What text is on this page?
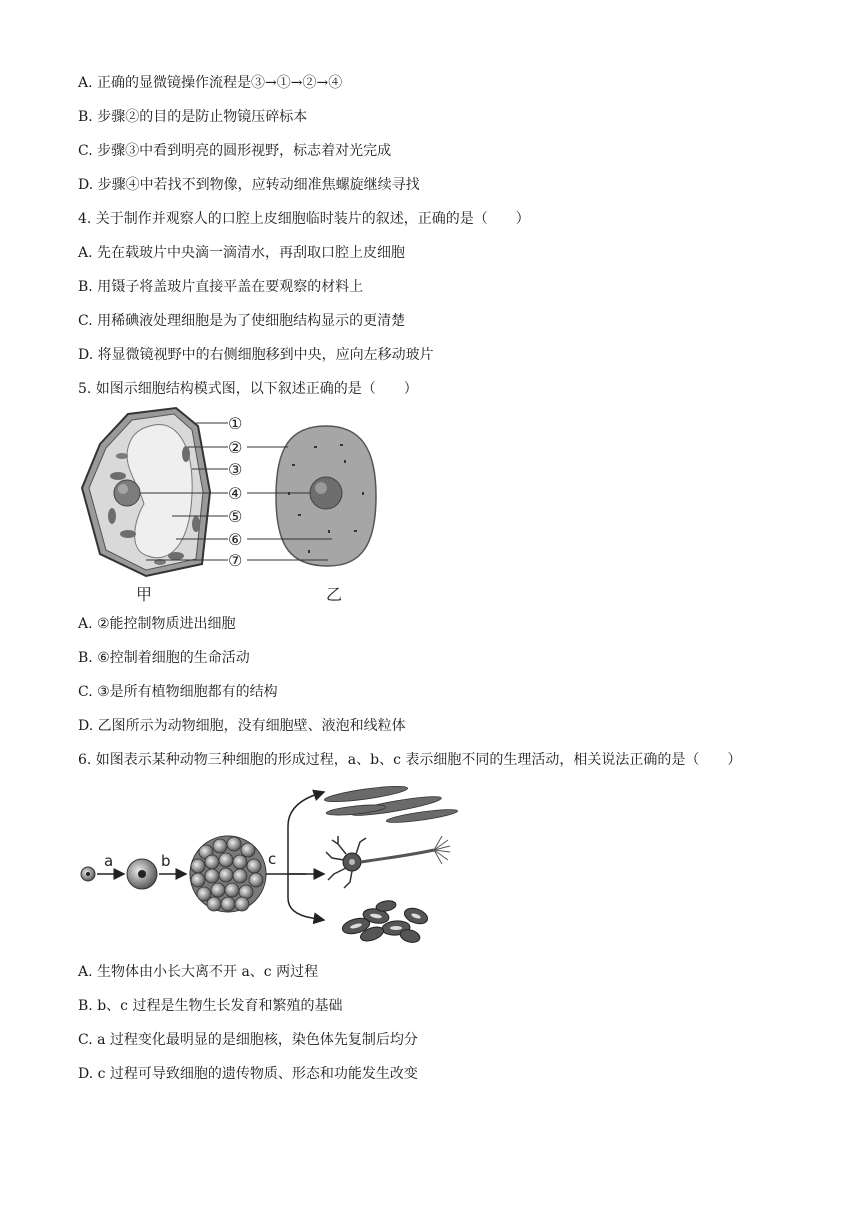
A. 正确的显微镜操作流程是③→①→②→④
B. 步骤②的目的是防止物镜压碎标本
C. 步骤③中看到明亮的圆形视野，标志着对光完成
D. 步骤④中若找不到物像，应转动细准焦螺旋继续寻找
4. 关于制作并观察人的口腔上皮细胞临时装片的叙述，正确的是（　　）
A. 先在载玻片中央滴一滴清水，再刮取口腔上皮细胞
B. 用镊子将盖玻片直接平盖在要观察的材料上
C. 用稀碘液处理细胞是为了使细胞结构显示的更清楚
D. 将显微镜视野中的右侧细胞移到中央，应向左移动玻片
5. 如图示细胞结构模式图，以下叙述正确的是（　　）
①
②
③
④
⑤
⑥
⑦
甲	乙
A. ②能控制物质进出细胞
B. ⑥控制着细胞的生命活动
C. ③是所有植物细胞都有的结构
D. 乙图所示为动物细胞，没有细胞壁、液泡和线粒体
6. 如图表示某种动物三种细胞的形成过程，a、b、c 表示细胞不同的生理活动，相关说法正确的是（　　）
a	b	c
A. 生物体由小长大离不开 a、c 两过程
B. b、c 过程是生物生长发育和繁殖的基础
C. a 过程变化最明显的是细胞核，染色体先复制后均分
D. c 过程可导致细胞的遗传物质、形态和功能发生改变
